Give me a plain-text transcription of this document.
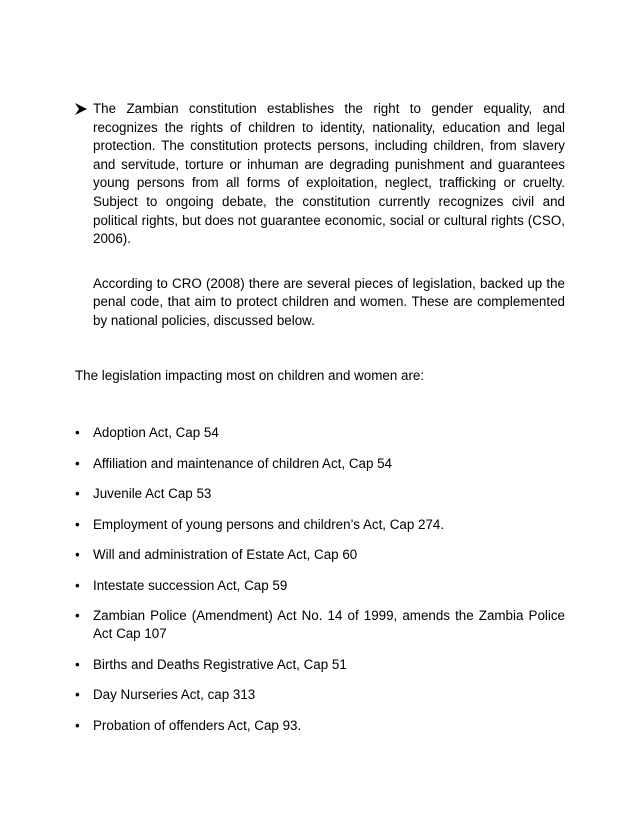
The Zambian constitution establishes the right to gender equality, and recognizes the rights of children to identity, nationality, education and legal protection. The constitution protects persons, including children, from slavery and servitude, torture or inhuman are degrading punishment and guarantees young persons from all forms of exploitation, neglect, trafficking or cruelty. Subject to ongoing debate, the constitution currently recognizes civil and political rights, but does not guarantee economic, social or cultural rights (CSO, 2006).
According to CRO (2008) there are several pieces of legislation, backed up the penal code, that aim to protect children and women. These are complemented by national policies, discussed below.
The legislation impacting most on children and women are:
• Adoption Act, Cap 54
• Affiliation and maintenance of children Act, Cap 54
• Juvenile Act Cap 53
• Employment of young persons and children’s Act, Cap 274.
• Will and administration of Estate Act, Cap 60
• Intestate succession Act, Cap 59
• Zambian Police (Amendment) Act No. 14 of 1999, amends the Zambia Police Act Cap 107
• Births and Deaths Registrative Act, Cap 51
• Day Nurseries Act, cap 313
• Probation of offenders Act, Cap 93.
